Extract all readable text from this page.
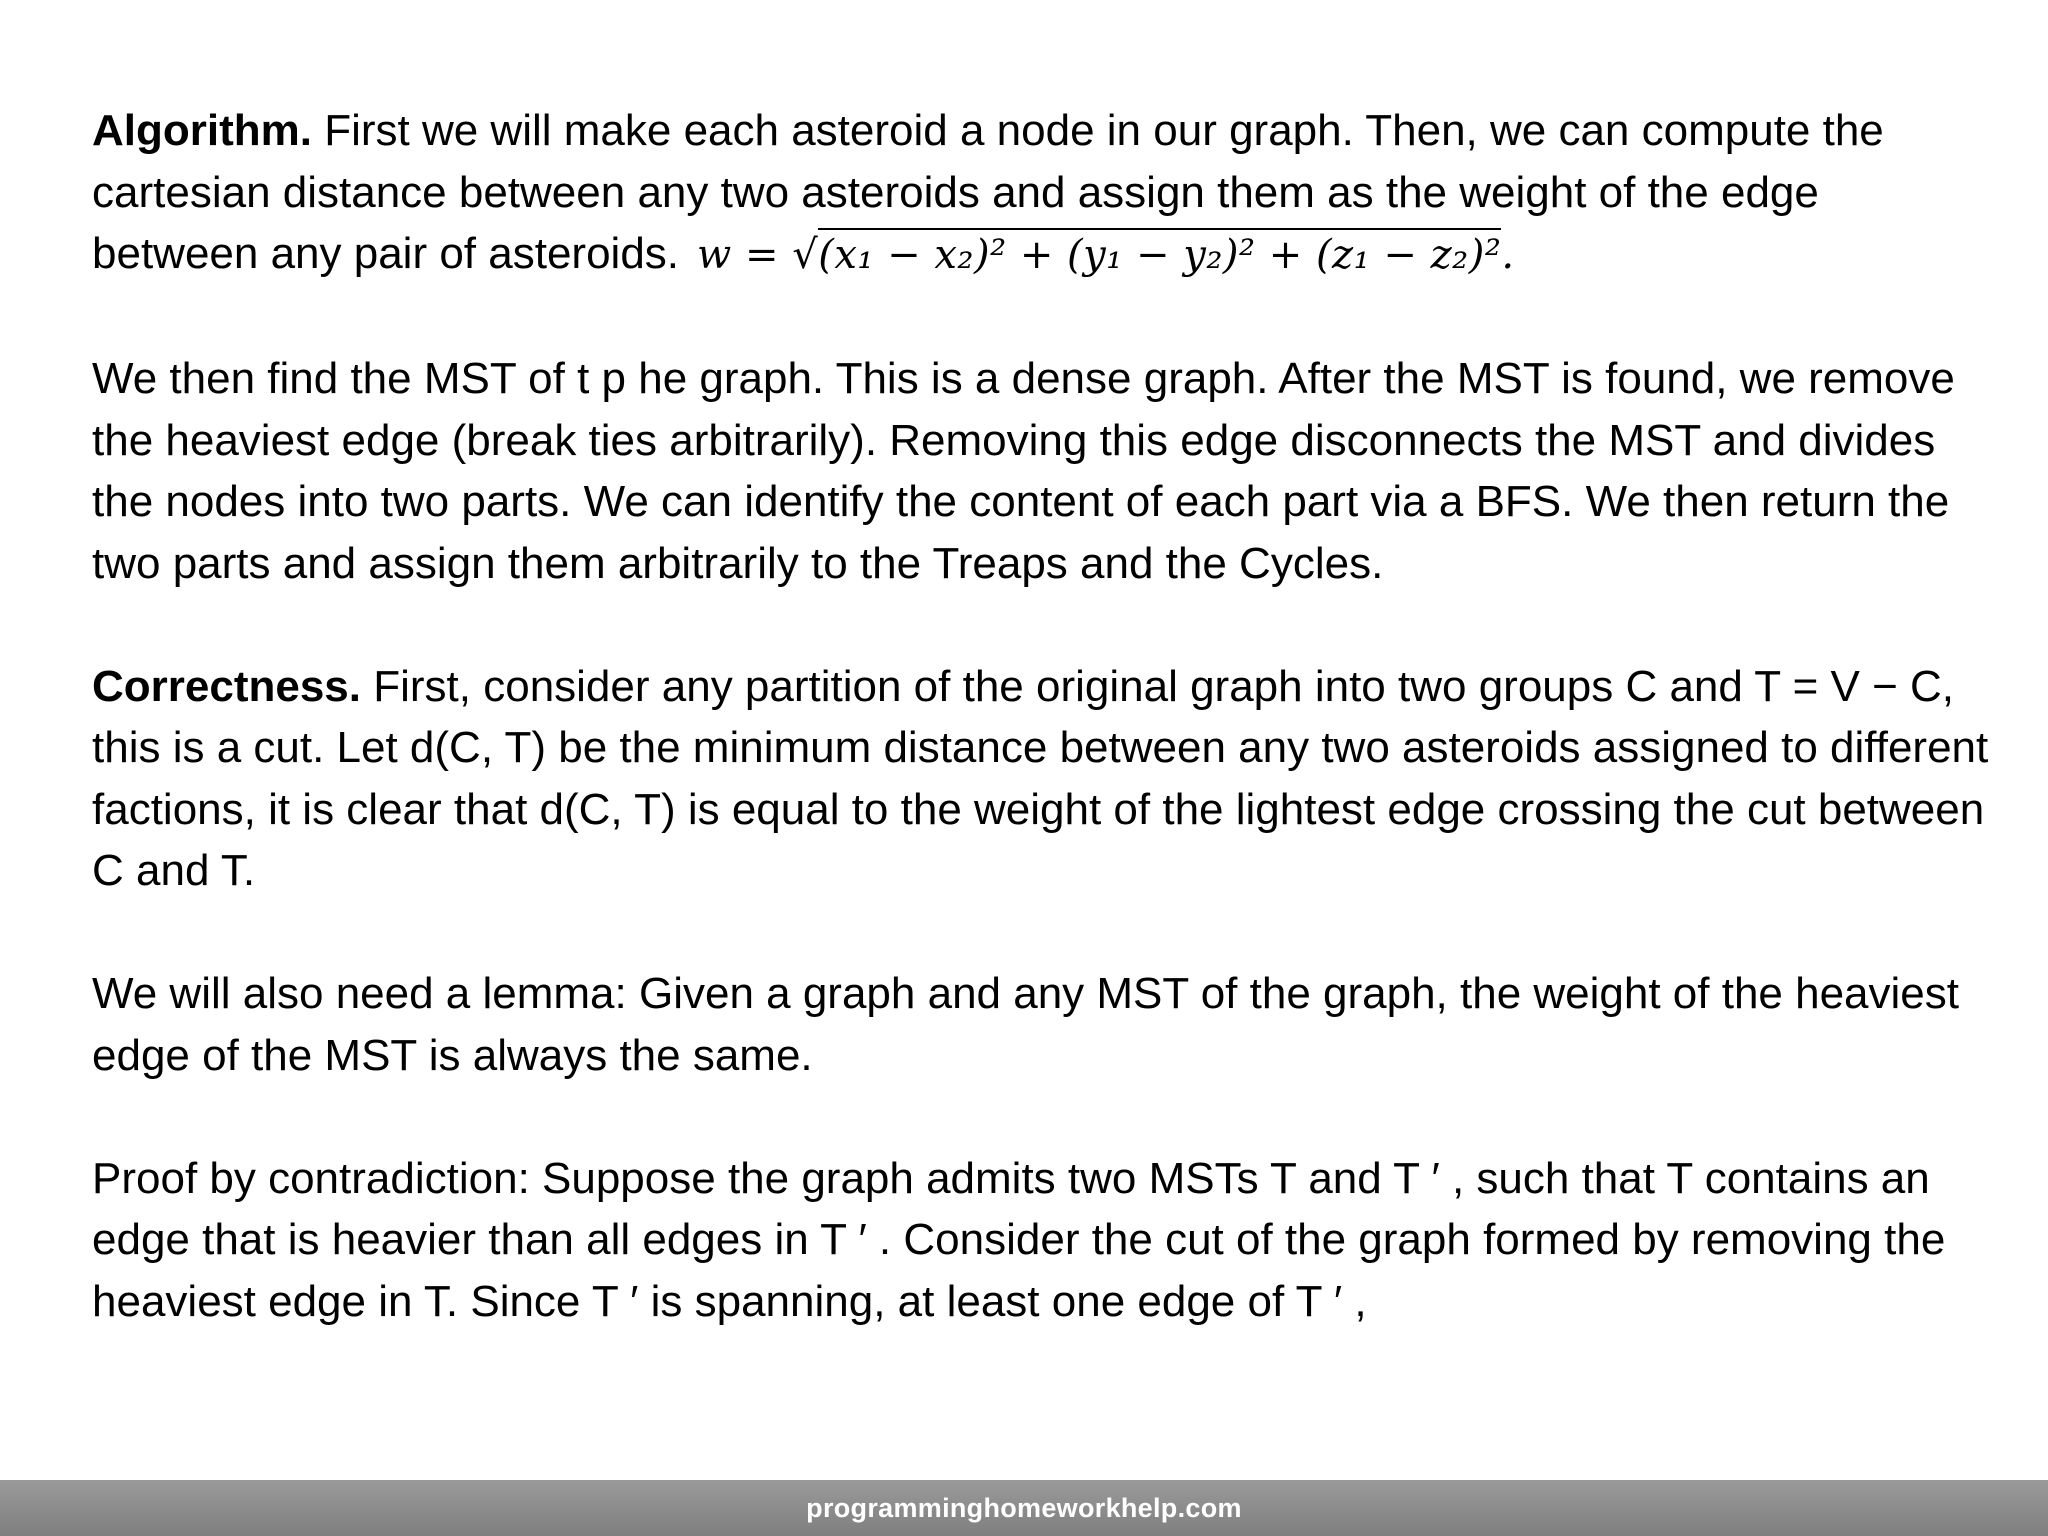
Algorithm. First we will make each asteroid a node in our graph. Then, we can compute the cartesian distance between any two asteroids and assign them as the weight of the edge between any pair of asteroids. w = √(x₁ − x₂)² + (y₁ − y₂)² + (z₁ − z₂)².

We then find the MST of t p he graph. This is a dense graph. After the MST is found, we remove the heaviest edge (break ties arbitrarily). Removing this edge disconnects the MST and divides the nodes into two parts. We can identify the content of each part via a BFS. We then return the two parts and assign them arbitrarily to the Treaps and the Cycles.

Correctness. First, consider any partition of the original graph into two groups C and T = V − C, this is a cut. Let d(C, T) be the minimum distance between any two asteroids assigned to different factions, it is clear that d(C, T) is equal to the weight of the lightest edge crossing the cut between C and T.

We will also need a lemma: Given a graph and any MST of the graph, the weight of the heaviest edge of the MST is always the same.

Proof by contradiction: Suppose the graph admits two MSTs T and T ′ , such that T contains an edge that is heavier than all edges in T ′ . Consider the cut of the graph formed by removing the heaviest edge in T. Since T ′ is spanning, at least one edge of T ′ ,

programminghomeworkhelp.com
